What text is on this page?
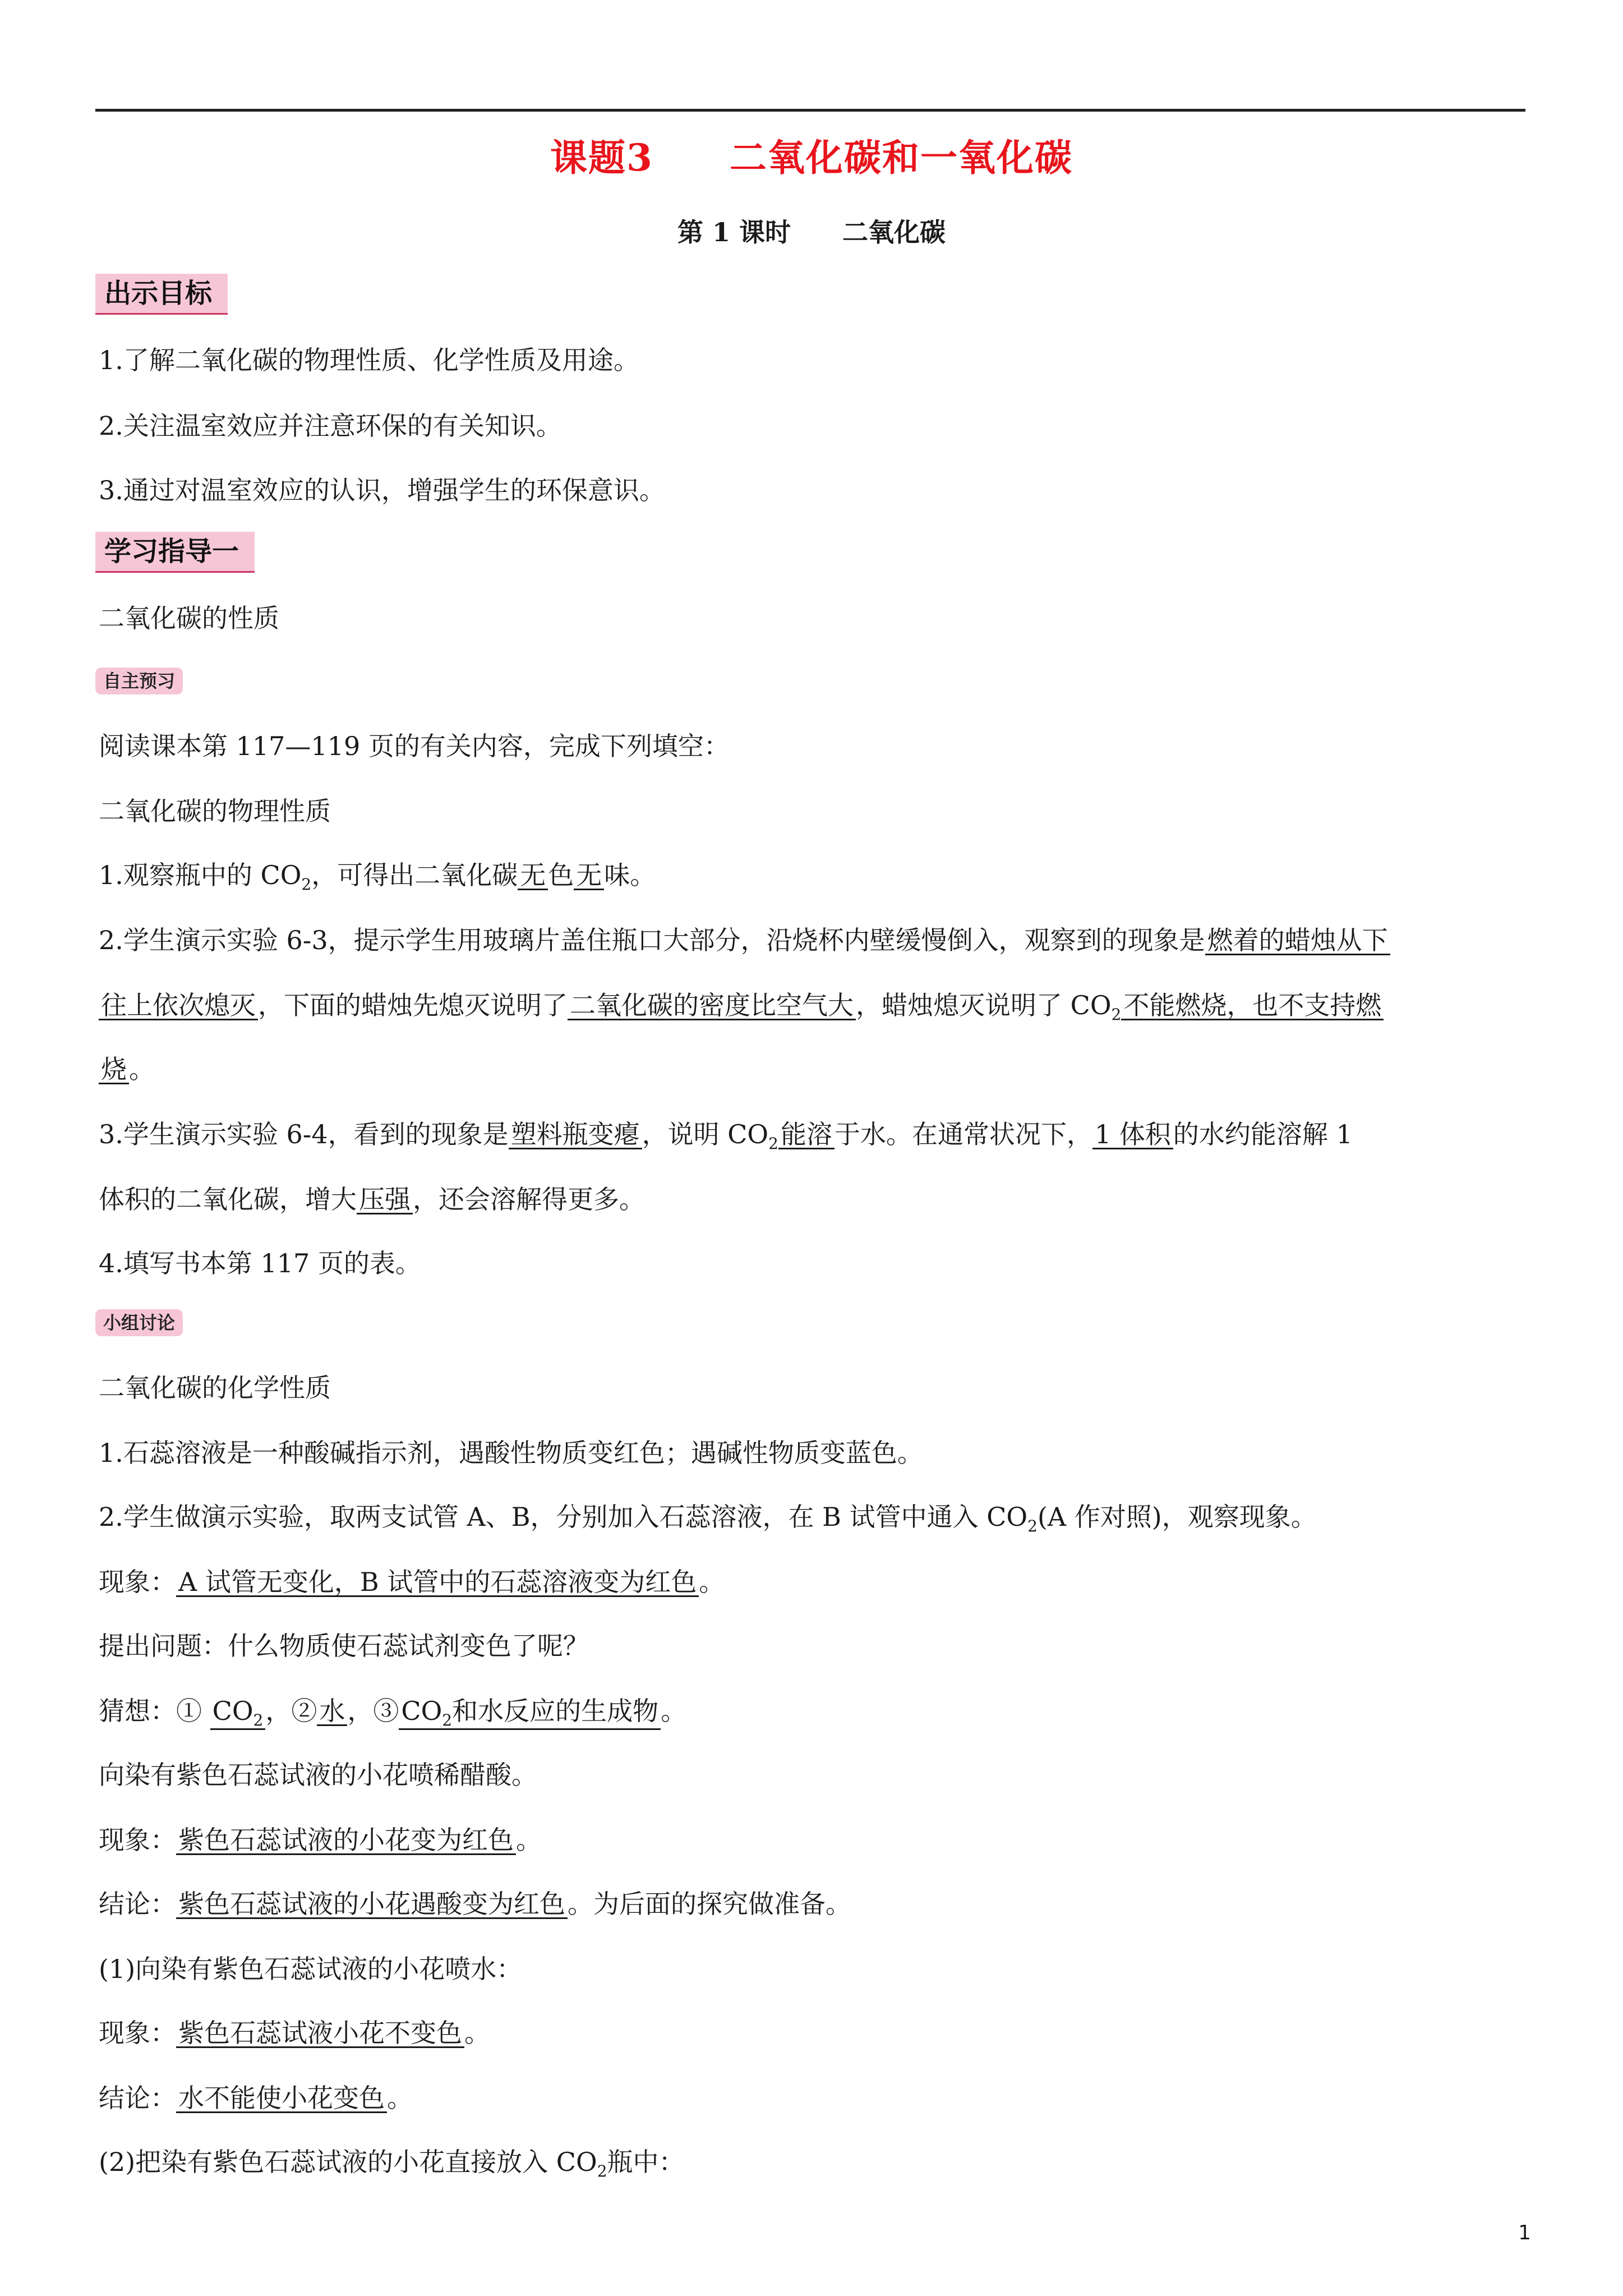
课题3　　二氧化碳和一氧化碳
第 1 课时　　二氧化碳
出示目标
1.了解二氧化碳的物理性质、化学性质及用途。
2.关注温室效应并注意环保的有关知识。
3.通过对温室效应的认识，增强学生的环保意识。
学习指导一
二氧化碳的性质
自主预习
阅读课本第 117—119 页的有关内容，完成下列填空：
二氧化碳的物理性质
1.观察瓶中的 $CO_2$，可得出二氧化碳无色无味。
2.学生演示实验 6-3，提示学生用玻璃片盖住瓶口大部分，沿烧杯内壁缓慢倒入，观察到的现象是燃着的蜡烛从下
往上依次熄灭，下面的蜡烛先熄灭说明了二氧化碳的密度比空气大，蜡烛熄灭说明了 $CO_2$不能燃烧，也不支持燃
烧。
3.学生演示实验 6-4，看到的现象是塑料瓶变瘪，说明 $CO_2$能溶于水。在通常状况下，1 体积的水约能溶解 1
体积的二氧化碳，增大压强，还会溶解得更多。
4.填写书本第 117 页的表。
小组讨论
二氧化碳的化学性质
1.石蕊溶液是一种酸碱指示剂，遇酸性物质变红色；遇碱性物质变蓝色。
2.学生做演示实验，取两支试管 A、B，分别加入石蕊溶液，在 B 试管中通入 $CO_2(A$ 作对照)，观察现象。
现象：A 试管无变化，B 试管中的石蕊溶液变为红色。
提出问题：什么物质使石蕊试剂变色了呢？
猜想：① $CO_2$，②水，$③CO_2$和水反应的生成物。
向染有紫色石蕊试液的小花喷稀醋酸。
现象：紫色石蕊试液的小花变为红色。
结论：紫色石蕊试液的小花遇酸变为红色。为后面的探究做准备。
(1)向染有紫色石蕊试液的小花喷水：
现象：紫色石蕊试液小花不变色。
结论：水不能使小花变色。
(2)把染有紫色石蕊试液的小花直接放入 $CO_2$瓶中：
1
